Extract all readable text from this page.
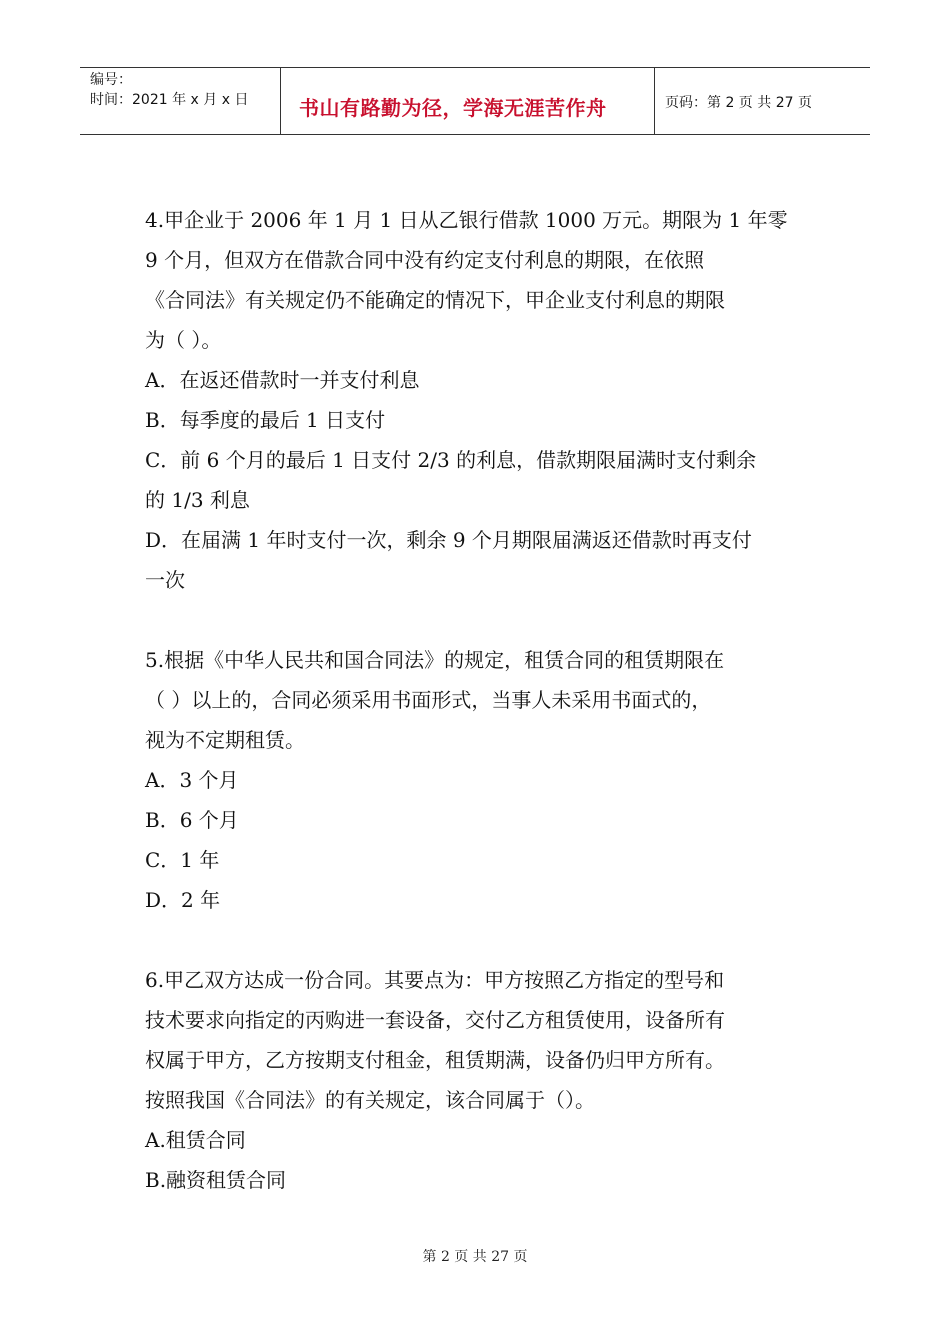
编号：
时间：2021 年 x 月 x 日	书山有路勤为径，学海无涯苦作舟	页码：第 2 页 共 27 页

4.甲企业于 2006 年 1 月 1 日从乙银行借款 1000 万元。期限为 1 年零

9 个月，但双方在借款合同中没有约定支付利息的期限，在依照

《合同法》有关规定仍不能确定的情况下，甲企业支付利息的期限

为（ ）。

A．在返还借款时一并支付利息

B．每季度的最后 1 日支付

C．前 6 个月的最后 1 日支付 2/3 的利息，借款期限届满时支付剩余

的 1/3 利息

D．在届满 1 年时支付一次，剩余 9 个月期限届满返还借款时再支付

一次

5.根据《中华人民共和国合同法》的规定，租赁合同的租赁期限在

（ ）以上的，合同必须采用书面形式，当事人未采用书面式的，

视为不定期租赁。

A．3 个月

B．6 个月

C．1 年

D．2 年

6.甲乙双方达成一份合同。其要点为：甲方按照乙方指定的型号和

技术要求向指定的丙购进一套设备，交付乙方租赁使用，设备所有

权属于甲方，乙方按期支付租金，租赁期满，设备仍归甲方所有。

按照我国《合同法》的有关规定，该合同属于（）。

A.租赁合同

B.融资租赁合同

第 2 页 共 27 页
